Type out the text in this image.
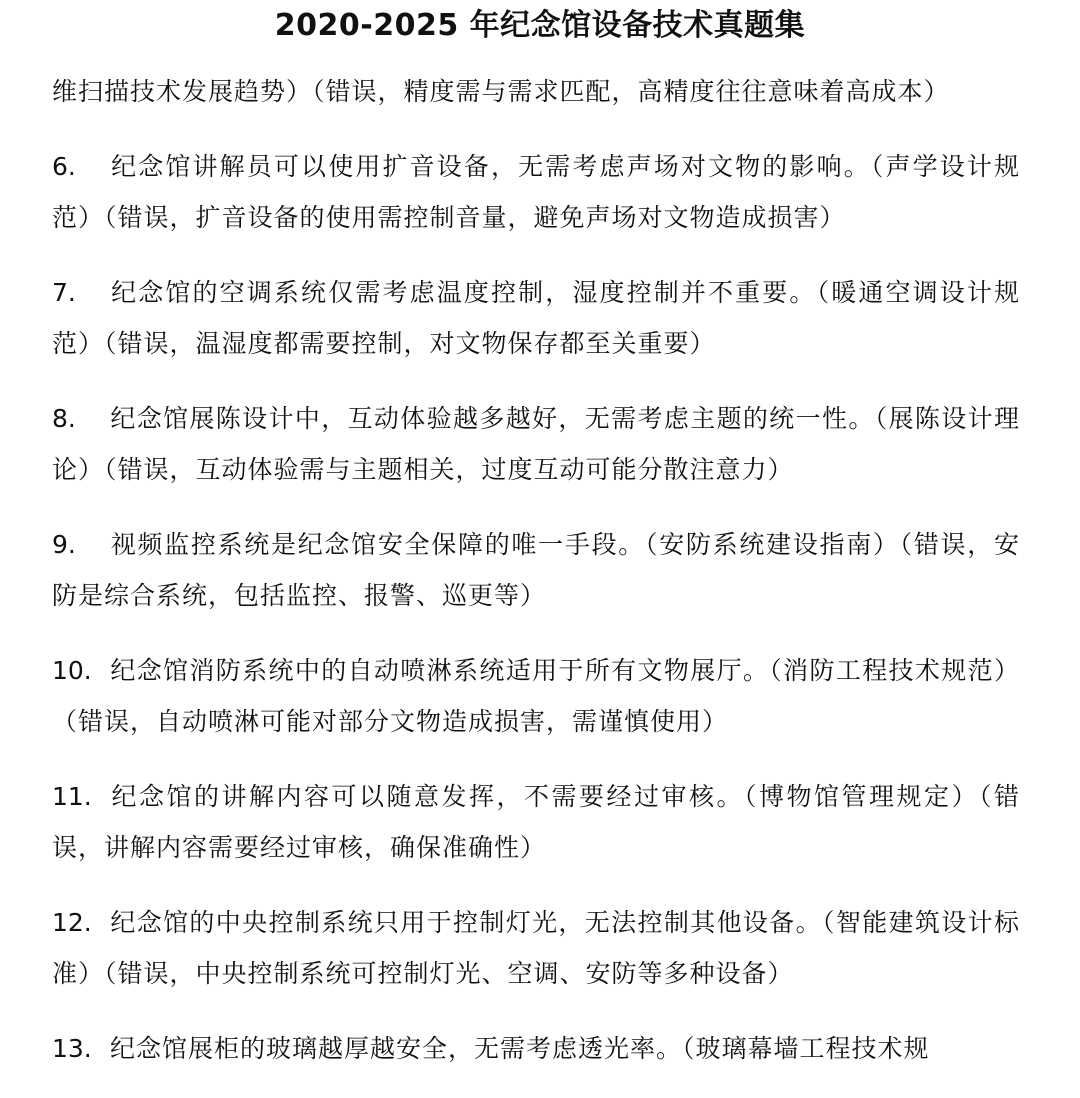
2020-2025 年纪念馆设备技术真题集

维扫描技术发展趋势）（错误，精度需与需求匹配，高精度往往意味着高成本）

6. 纪念馆讲解员可以使用扩音设备，无需考虑声场对文物的影响。（声学设计规范）（错误，扩音设备的使用需控制音量，避免声场对文物造成损害）

7. 纪念馆的空调系统仅需考虑温度控制，湿度控制并不重要。（暖通空调设计规范）（错误，温湿度都需要控制，对文物保存都至关重要）

8. 纪念馆展陈设计中，互动体验越多越好，无需考虑主题的统一性。（展陈设计理论）（错误，互动体验需与主题相关，过度互动可能分散注意力）

9. 视频监控系统是纪念馆安全保障的唯一手段。（安防系统建设指南）（错误，安防是综合系统，包括监控、报警、巡更等）

10. 纪念馆消防系统中的自动喷淋系统适用于所有文物展厅。（消防工程技术规范）（错误，自动喷淋可能对部分文物造成损害，需谨慎使用）

11. 纪念馆的讲解内容可以随意发挥，不需要经过审核。（博物馆管理规定）（错误，讲解内容需要经过审核，确保准确性）

12. 纪念馆的中央控制系统只用于控制灯光，无法控制其他设备。（智能建筑设计标准）（错误，中央控制系统可控制灯光、空调、安防等多种设备）

13. 纪念馆展柜的玻璃越厚越安全，无需考虑透光率。（玻璃幕墙工程技术规
